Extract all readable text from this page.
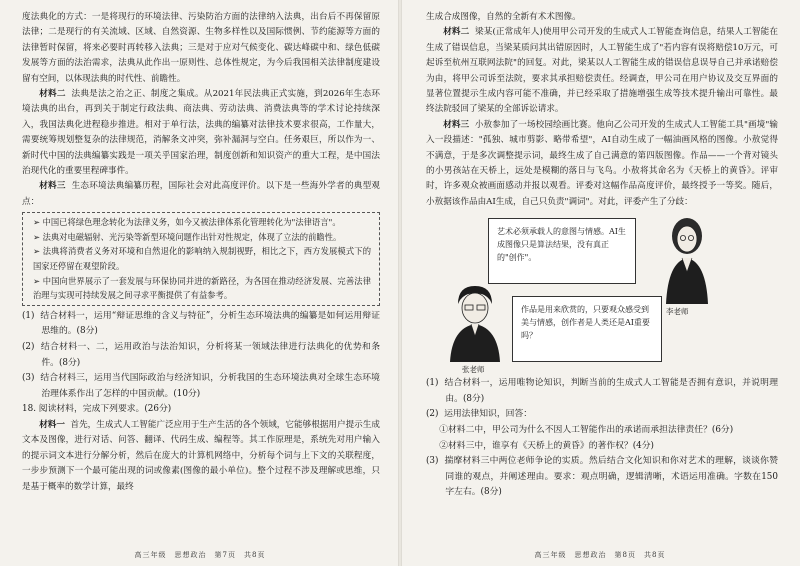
度法典化的方式：一是将现行的环境法律、污染防治方面的法律纳入法典，出台后不再保留原法律；二是现行的有关流域、区域、自然资源、生物多样性以及国际惯例、节约能源等方面的法律暂时保留，将来必要时再转移入法典；三是对于应对气候变化、碳达峰碳中和、绿色低碳发展等方面的法治需求，法典从此作出一原则性、总体性规定，为今后我国相关法律制度建设留有空间，以体现法典的时代性、前瞻性。

材料二 法典是法之治之正、制度之集成。从2021年民法典正式实施，到2026年生态环境法典的出台，再到关于制定行政法典、商法典、劳动法典、消费法典等的学术讨论持续深入，我国法典化进程稳步推进。相对于单行法，法典的编纂对法律技术要求很高，工作量大，需要统筹规划整复杂的法律规范，消解条文冲突，弥补漏洞与空白。任务艰巨，所以作为一、新时代中国的法典编纂实践是一项关乎国家治理，制度创新和知识资产的重大工程，是中国法治现代化的重要里程碑事件。

材料三 生态环境法典编纂历程，国际社会对此高度评价。以下是一些海外学者的典型观点：

➢ 中国已将绿色理念转化为法律义务，如今又被法律体系化管理转化为"法律语言"。

➢ 法典对电磁辐射、光污染等新型环境问题作出针对性规定，体现了立法的前瞻性。

➢ 法典将消费者义务对环境和自然退化的影响纳入规制视野，相比之下，西方发展模式下的国家还停留在观望阶段。

➢ 中国向世界展示了一套发展与环保协同并进的新路径，为各国在推动经济发展、完善法律治理与实现可持续发展之间寻求平衡提供了有益参考。

(1)  结合材料一，运用“辩证思维的含义与特征”，分析生态环境法典的编纂是如何运用辩证思维的。(8分)

(2)  结合材料一、二，运用政治与法治知识，分析将某一领域法律进行法典化的优势和条件。(8分)

(3)  结合材料三，运用当代国际政治与经济知识，分析我国的生态环境法典对全球生态环境治理体系作出了怎样的中国贡献。(10分)

18. 阅读材料，完成下列要求。(26分)

材料一 首先，生成式人工智能广泛应用于生产生活的各个领域，它能够根据用户提示生成文本及图像，进行对话、问答、翻译、代码生成、编程等。其工作原理是，系统先对用户输入的提示词文本进行分解分析，然后在庞大的计算机网络中，分析每个词与上下文的关联程度，一步步预测下一个最可能出现的词或像素(图像的最小单位)。整个过程不涉及理解或思维，只是基于概率的数学计算，最终

高三年级　思想政治　第7页　共8页

生成合成图像，自然的全新有术术图像。

材料二 梁某(正常成年人)使用甲公司开发的生成式人工智能查询信息，结果人工智能在生成了错误信息，当梁某质问其出错原因时，人工智能生成了"若内容有误将赔偿10万元，可起诉至杭州互联网法院"的回复。对此，梁某以人工智能生成的错误信息误导自己并承诺赔偿为由，将甲公司诉至法院，要求其承担赔偿责任。经调查，甲公司在用户协议及交互界面的显著位置提示生成内容可能不准确，并已经采取了措施增强生成等技术提升输出可靠性。最终法院驳回了梁某的全部诉讼请求。

材料三 小敖参加了一场校园绘画比赛。他向乙公司开发的生成式人工智能工具"画境"输入一段描述："孤独、城市剪影、略带希望"，AI自动生成了一幅油画风格的图像。小敖觉得不满意，于是多次调整提示词，最终生成了自己满意的第四版图像。作品——一个背对镜头的小男孩站在天桥上，远处是模糊的落日与飞鸟。小敖将其命名为《天桥上的黄昏》。评审时，许多观众被画面感动并报以观看。评委对这幅作品高度评价，最终授予一等奖。随后，小敖据该作品由AI生成，自己只负责"调词"。对此，评委产生了分歧：

艺术必须承载人的意图与情感。AI生成图像只是算法结果，没有真正的"创作"。
李老师
张老师
作品是用来欣赏的，只要观众感受到美与情感，创作者是人类还是AI重要吗？

(1) 结合材料一，运用唯物论知识，判断当前的生成式人工智能是否拥有意识，并说明理由。(8分)

(2) 运用法律知识，回答：

①材料二中，甲公司为什么不因人工智能作出的承诺而承担法律责任？(6分)

②材料三中，谁享有《天桥上的黄昏》的著作权？(4分)

(3) 揣摩材料三中两位老师争论的实质。然后结合文化知识和你对艺术的理解，谈谈你赞同谁的观点，并阐述理由。要求：观点明确，逻辑清晰，术语运用准确。字数在150字左右。(8分)

高三年级　思想政治　第8页　共8页
